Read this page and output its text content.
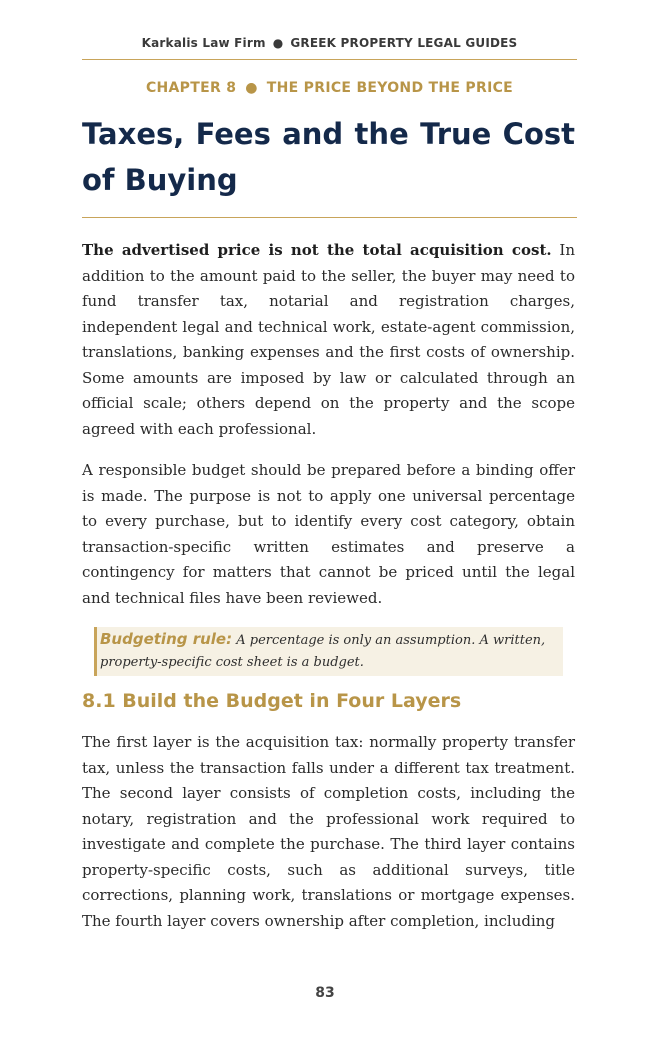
Karkalis Law Firm ● GREEK PROPERTY LEGAL GUIDES
CHAPTER 8 ● THE PRICE BEYOND THE PRICE
Taxes, Fees and the True Cost of Buying

The advertised price is not the total acquisition cost. In addition to the amount paid to the seller, the buyer may need to fund transfer tax, notarial and registration charges, independent legal and technical work, estate-agent commission, translations, banking expenses and the first costs of ownership. Some amounts are imposed by law or calculated through an official scale; others depend on the property and the scope agreed with each professional.

A responsible budget should be prepared before a binding offer is made. The purpose is not to apply one universal percentage to every purchase, but to identify every cost category, obtain transaction-specific written estimates and preserve a contingency for matters that cannot be priced until the legal and technical files have been reviewed.

Budgeting rule: A percentage is only an assumption. A written, property-specific cost sheet is a budget.
8.1 Build the Budget in Four Layers

The first layer is the acquisition tax: normally property transfer tax, unless the transaction falls under a different tax treatment. The second layer consists of completion costs, including the notary, registration and the professional work required to investigate and complete the purchase. The third layer contains property-specific costs, such as additional surveys, title corrections, planning work, translations or mortgage expenses. The fourth layer covers ownership after completion, including

83
